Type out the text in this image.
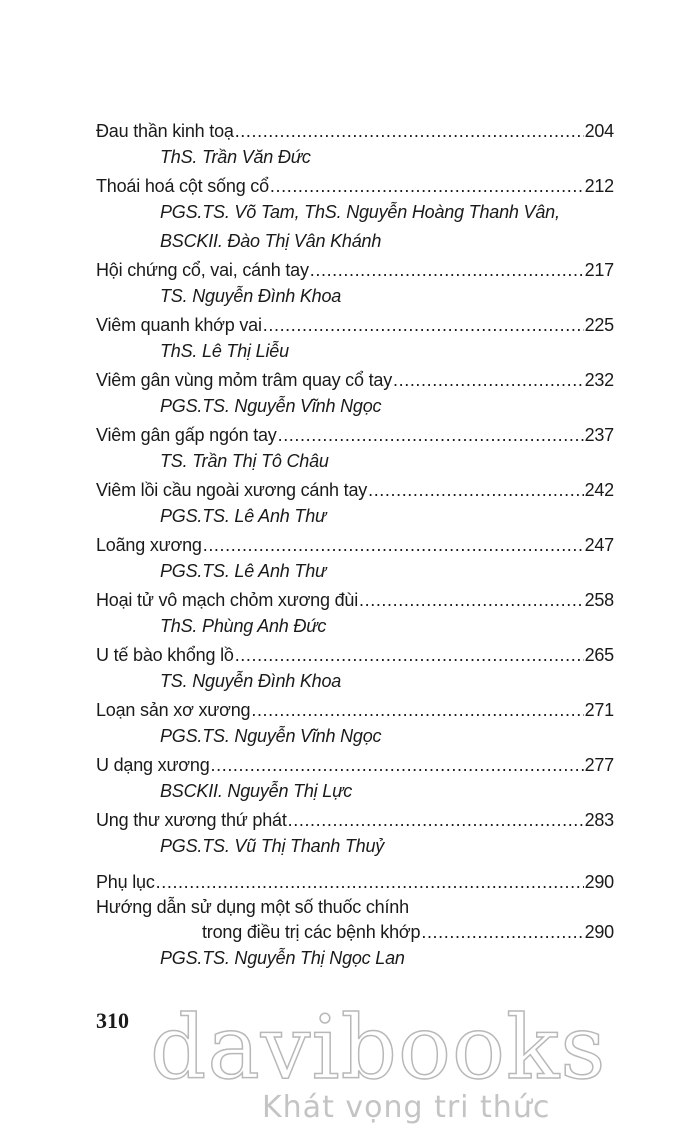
Đau thần kinh toạ .....	204
ThS. Trần Văn Đức
Thoái hoá cột sống cổ .....	212
PGS.TS. Võ Tam, ThS. Nguyễn Hoàng Thanh Vân,
BSCKII. Đào Thị Vân Khánh
Hội chứng cổ, vai, cánh tay .....	217
TS. Nguyễn Đình Khoa
Viêm quanh khớp vai .....	225
ThS. Lê Thị Liễu
Viêm gân vùng mỏm trâm quay cổ tay .....	232
PGS.TS. Nguyễn Vĩnh Ngọc
Viêm gân gấp ngón tay .....	237
TS. Trần Thị Tô Châu
Viêm lồi cầu ngoài xương cánh tay .....	242
PGS.TS. Lê Anh Thư
Loãng xương .....	247
PGS.TS. Lê Anh Thư
Hoại tử vô mạch chỏm xương đùi .....	258
ThS. Phùng Anh Đức
U tế bào khổng lồ .....	265
TS. Nguyễn Đình Khoa
Loạn sản xơ xương .....	271
PGS.TS. Nguyễn Vĩnh Ngọc
U dạng xương .....	277
BSCKII. Nguyễn Thị Lực
Ung thư xương thứ phát .....	283
PGS.TS. Vũ Thị Thanh Thuỷ
Phụ lục .....	290
Hướng dẫn sử dụng một số thuốc chính
trong điều trị các bệnh khớp .....	290
PGS.TS. Nguyễn Thị Ngọc Lan
310 davibooks
Khát vọng tri thức
